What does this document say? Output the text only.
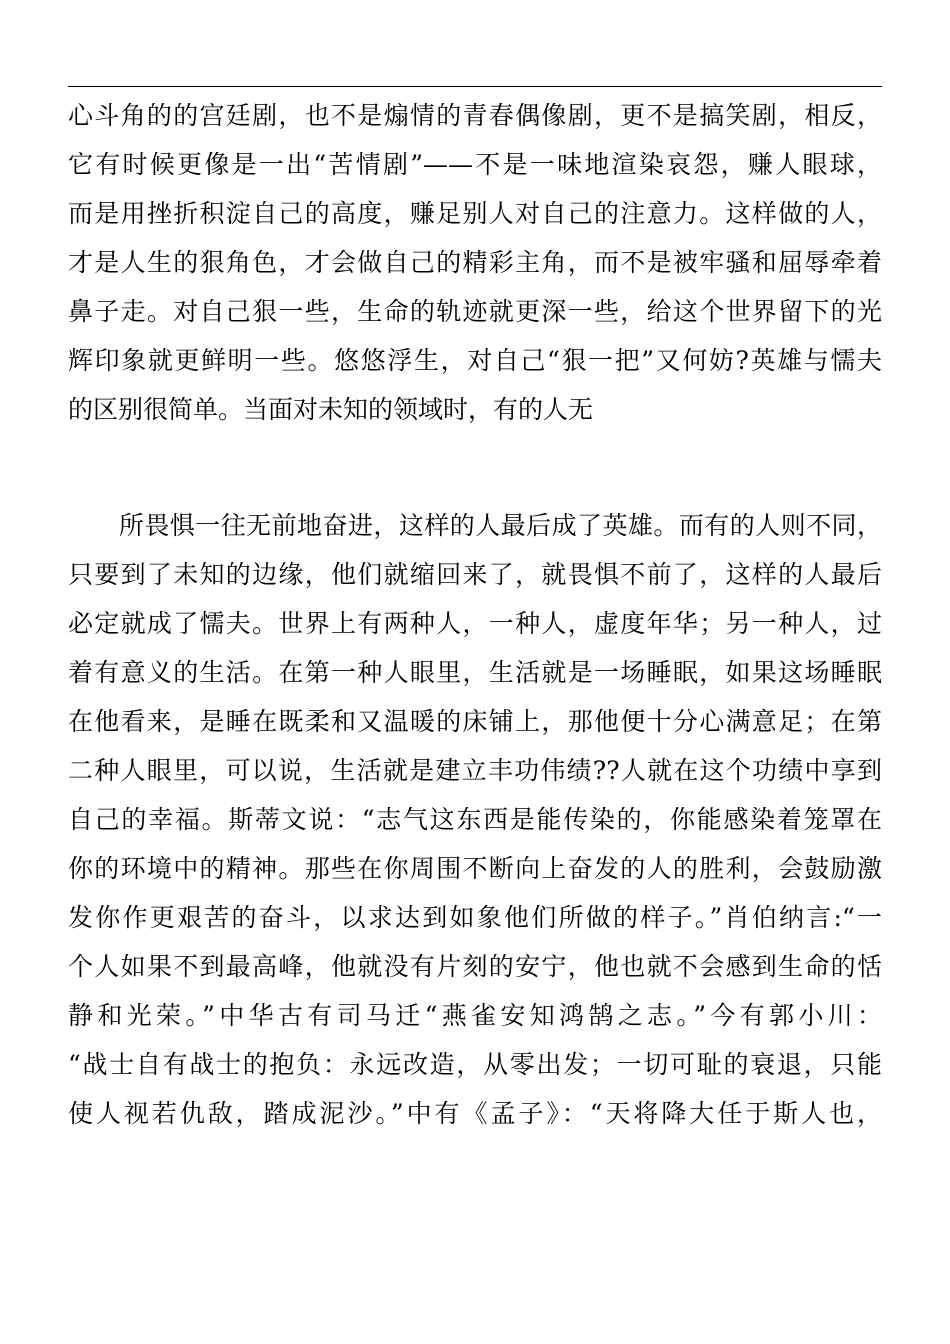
心斗角的的宫廷剧，也不是煽情的青春偶像剧，更不是搞笑剧，相反，
它有时候更像是一出“苦情剧”——不是一味地渲染哀怨，赚人眼球，
而是用挫折积淀自己的高度，赚足别人对自己的注意力。这样做的人，
才是人生的狠角色，才会做自己的精彩主角，而不是被牢骚和屈辱牵着
鼻子走。对自己狠一些，生命的轨迹就更深一些，给这个世界留下的光
辉印象就更鲜明一些。悠悠浮生，对自己“狠一把”又何妨?英雄与懦夫
的区别很简单。当面对未知的领域时，有的人无
　　所畏惧一往无前地奋进，这样的人最后成了英雄。而有的人则不同，
只要到了未知的边缘，他们就缩回来了，就畏惧不前了，这样的人最后
必定就成了懦夫。世界上有两种人，一种人，虚度年华；另一种人，过
着有意义的生活。在第一种人眼里，生活就是一场睡眠，如果这场睡眠
在他看来，是睡在既柔和又温暖的床铺上，那他便十分心满意足；在第
二种人眼里，可以说，生活就是建立丰功伟绩??人就在这个功绩中享到
自己的幸福。斯蒂文说：“志气这东西是能传染的，你能感染着笼罩在
你的环境中的精神。那些在你周围不断向上奋发的人的胜利，会鼓励激
发你作更艰苦的奋斗，以求达到如象他们所做的样子。”肖伯纳言:“一
个人如果不到最高峰，他就没有片刻的安宁，他也就不会感到生命的恬
静和光荣。”中华古有司马迁“燕雀安知鸿鹄之志。”今有郭小川：
“战士自有战士的抱负：永远改造，从零出发；一切可耻的衰退，只能
使人视若仇敌，踏成泥沙。”中有《孟子》：“天将降大任于斯人也，
